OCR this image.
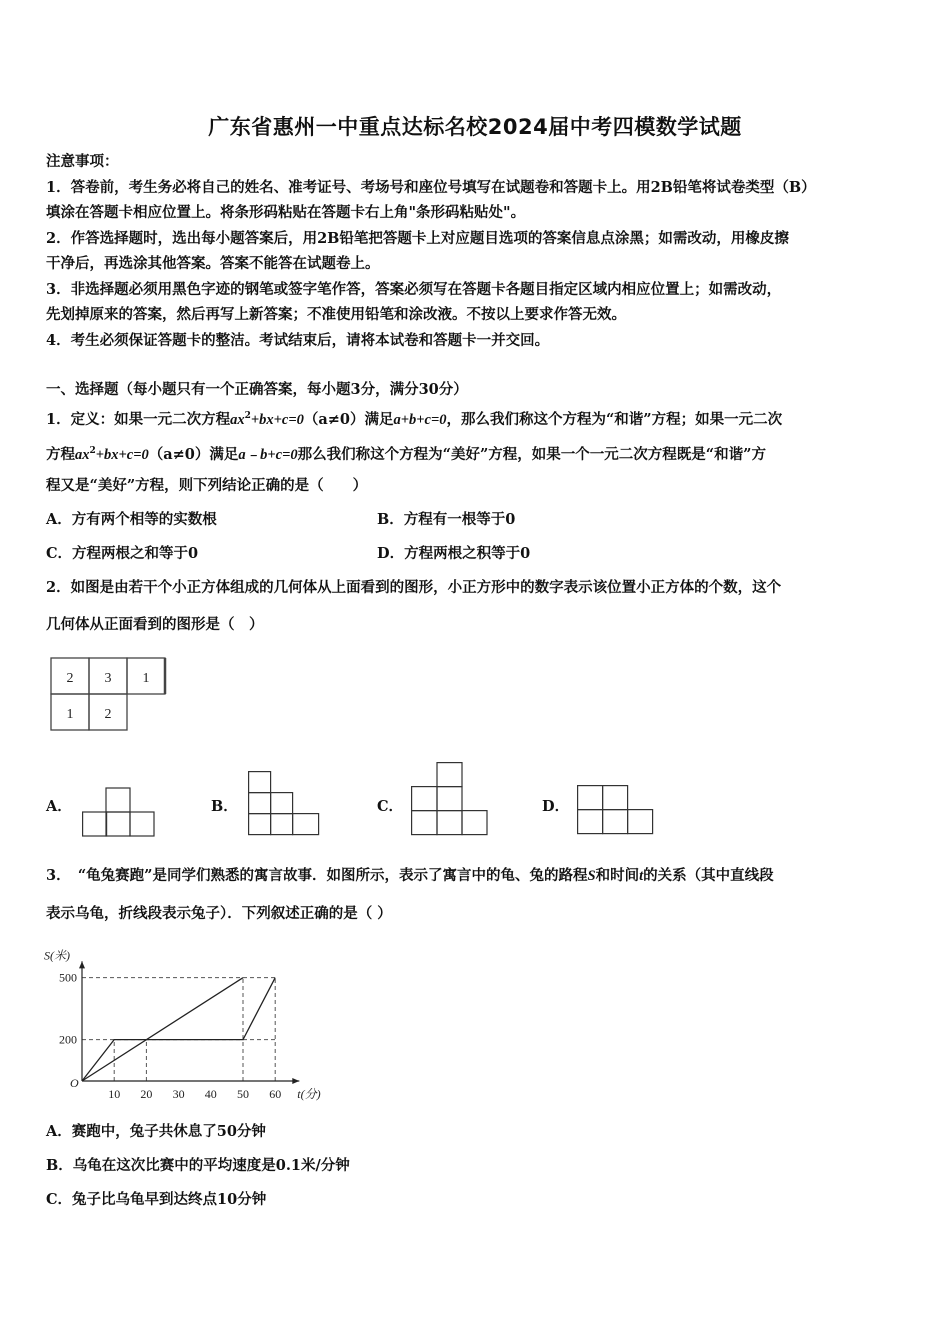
广东省惠州一中重点达标名校2024届中考四模数学试题
注意事项：
1．答卷前，考生务必将自己的姓名、准考证号、考场号和座位号填写在试题卷和答题卡上。用2B铅笔将试卷类型（B）
填涂在答题卡相应位置上。将条形码粘贴在答题卡右上角"条形码粘贴处"。
2．作答选择题时，选出每小题答案后，用2B铅笔把答题卡上对应题目选项的答案信息点涂黑；如需改动，用橡皮擦
干净后，再选涂其他答案。答案不能答在试题卷上。
3．非选择题必须用黑色字迹的钢笔或签字笔作答，答案必须写在答题卡各题目指定区域内相应位置上；如需改动，
先划掉原来的答案，然后再写上新答案；不准使用铅笔和涂改液。不按以上要求作答无效。
4．考生必须保证答题卡的整洁。考试结束后，请将本试卷和答题卡一并交回。
一、选择题（每小题只有一个正确答案，每小题3分，满分30分）
1．定义：如果一元二次方程$ax^2+bx+c=0(a\ne 0)$满足a+b+c=0，那么我们称这个方程为“和谐”方程；如果一元二次
方程$ax^2+bx+c=0(a\ne 0)$满足a﹣b+c=0那么我们称这个方程为“美好”方程，如果一个一元二次方程既是“和谐”方
程又是“美好”方程，则下列结论正确的是（　　）
A．方有两个相等的实数根	B．方程有一根等于0
C．方程两根之和等于0	D．方程两根之积等于0
2．如图是由若干个小正方体组成的几何体从上面看到的图形，小正方形中的数字表示该位置小正方体的个数，这个
几何体从正面看到的图形是（　）
2 3 1
1 2
A．	B．	C．	D．
3．　“龟兔赛跑”是同学们熟悉的寓言故事．如图所示，表示了寓言中的龟、兔的路程S和时间t的关系（其中直线段
表示乌龟，折线段表示兔子）．下列叙述正确的是（ ）
10 20 30 40 50 60
200
500
O
S(米)
t(分)
A．赛跑中，兔子共休息了50分钟
B．乌龟在这次比赛中的平均速度是0.1米/分钟
C．兔子比乌龟早到达终点10分钟
